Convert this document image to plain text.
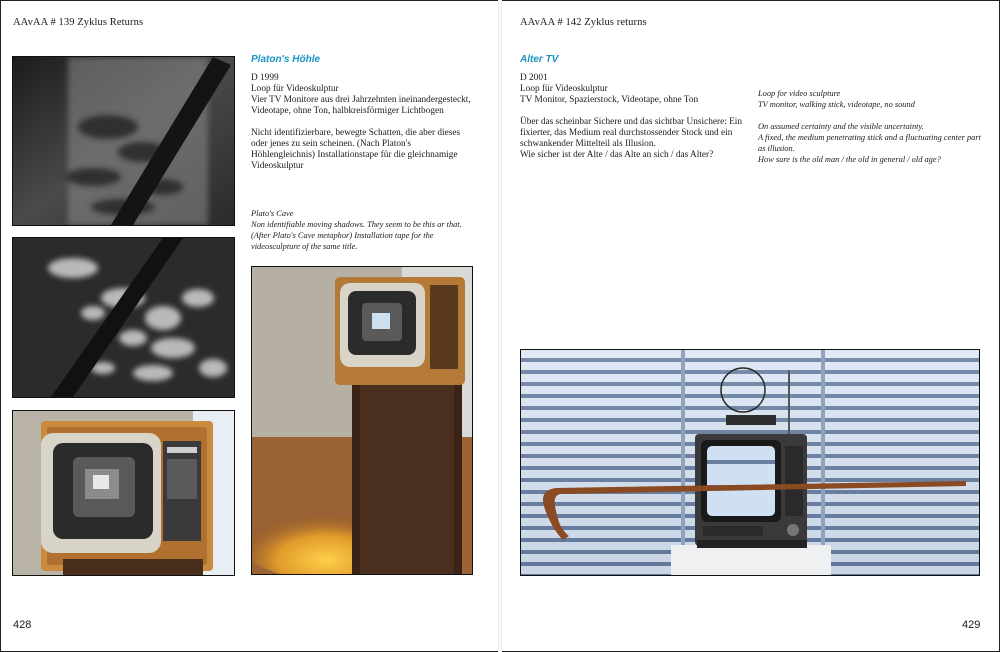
AAvAA # 139 Zyklus Returns
Platon's Höhle

D 1999
Loop für Videoskulptur
Vier TV Monitore aus drei Jahrzehnten ineinandergesteckt, Videotape, ohne Ton, halbkreisförmiger Lichtbogen

Nicht identifizierbare, bewegte Schatten, die aber dieses oder jenes zu sein scheinen. (Nach Platon's Höhlengleichnis) Installationstape für die gleichnamige Videoskulptur

Plato's Cave
Non identifiable moving shadows. They seem to be this or that. (After Plato's Cave metaphor) Installation tape for the videosculpture of the same title.
428
AAvAA # 142 Zyklus returns
Alter TV

D 2001
Loop für Videoskulptur
TV Monitor, Spazierstock, Videotape, ohne Ton

Über das scheinbar Sichere und das sichtbar Unsichere: Ein fixierter, das Medium real durchstossender Stock und ein schwankender Mittelteil als Illusion.
Wie sicher ist der Alte / das Alte an sich / das Alter?

Loop for video sculpture
TV monitor, walking stick, videotape, no sound

On assumed certainty and the visible uncertainty.
A fixed, the medium penetrating stick and a fluctuating center part as illusion.
How sure is the old man / the old in general / old age?

429
